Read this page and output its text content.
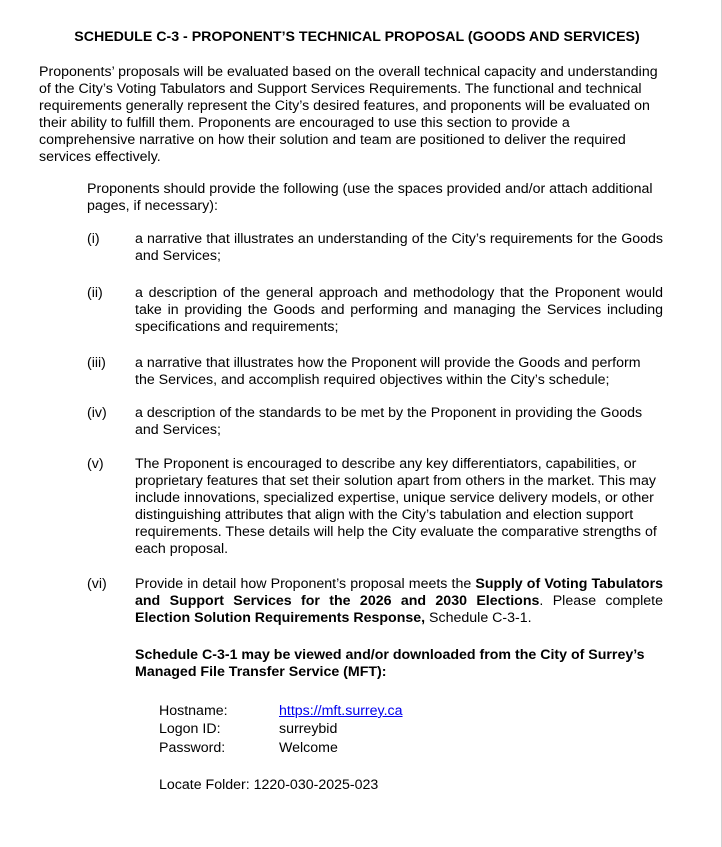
SCHEDULE C-3 - PROPONENT’S TECHNICAL PROPOSAL (GOODS AND SERVICES)

Proponents’ proposals will be evaluated based on the overall technical capacity and understanding of the City’s Voting Tabulators and Support Services Requirements. The functional and technical requirements generally represent the City’s desired features, and proponents will be evaluated on their ability to fulfill them. Proponents are encouraged to use this section to provide a comprehensive narrative on how their solution and team are positioned to deliver the required services effectively.

Proponents should provide the following (use the spaces provided and/or attach additional pages, if necessary):

(i) a narrative that illustrates an understanding of the City’s requirements for the Goods and Services;
(ii) a description of the general approach and methodology that the Proponent would take in providing the Goods and performing and managing the Services including specifications and requirements;
(iii) a narrative that illustrates how the Proponent will provide the Goods and perform the Services, and accomplish required objectives within the City’s schedule;
(iv) a description of the standards to be met by the Proponent in providing the Goods and Services;
(v) The Proponent is encouraged to describe any key differentiators, capabilities, or proprietary features that set their solution apart from others in the market. This may include innovations, specialized expertise, unique service delivery models, or other distinguishing attributes that align with the City’s tabulation and election support requirements. These details will help the City evaluate the comparative strengths of each proposal.
(vi) Provide in detail how Proponent’s proposal meets the Supply of Voting Tabulators and Support Services for the 2026 and 2030 Elections. Please complete Election Solution Requirements Response, Schedule C-3-1.

Schedule C-3-1 may be viewed and/or downloaded from the City of Surrey’s Managed File Transfer Service (MFT):

Hostname:	https://mft.surrey.ca
Logon ID:	surreybid
Password:	Welcome
Locate Folder: 1220-030-2025-023
